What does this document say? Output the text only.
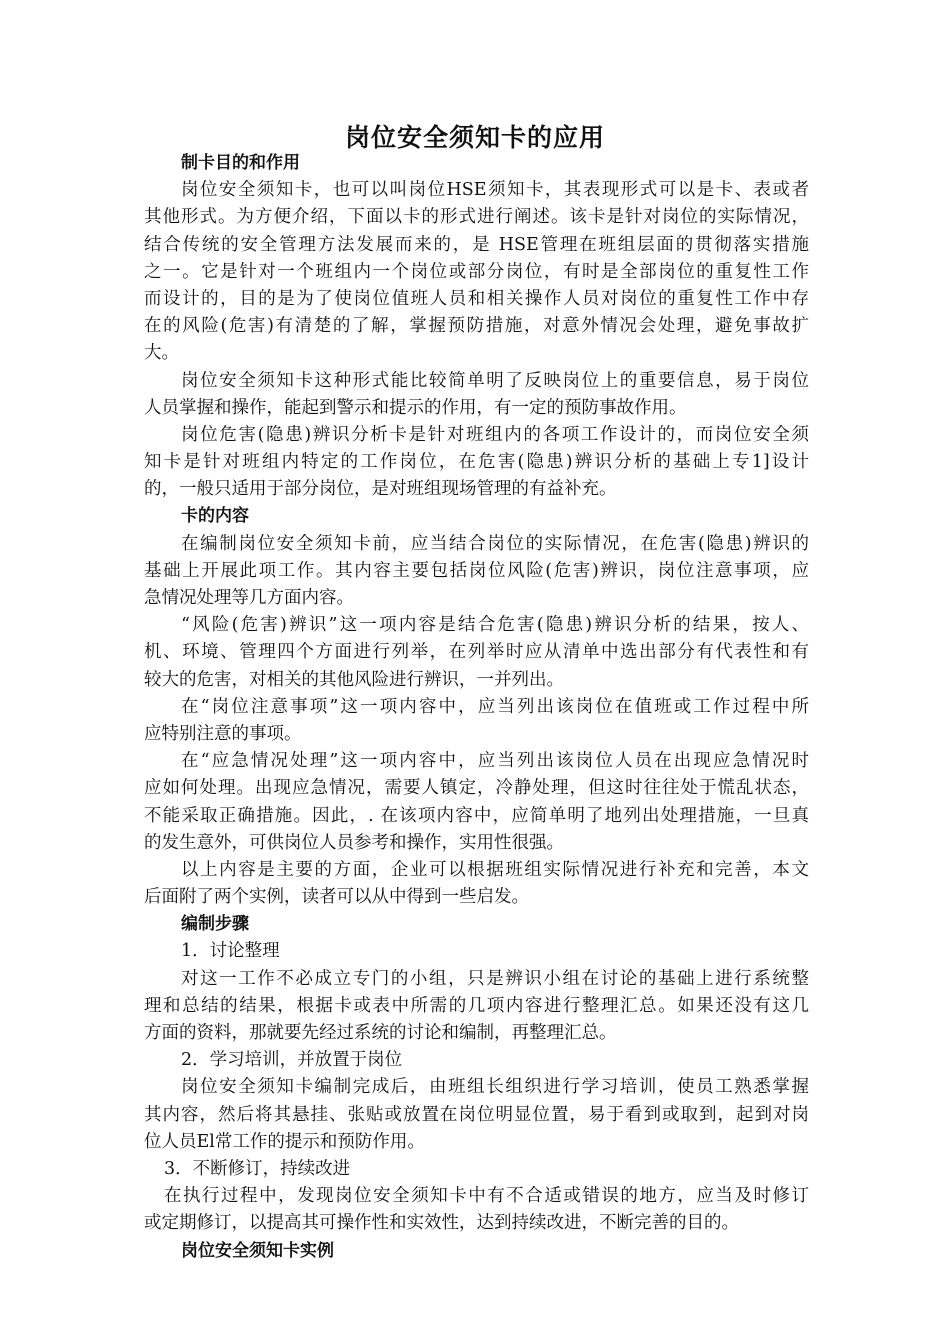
岗位安全须知卡的应用
制卡目的和作用
岗位安全须知卡，也可以叫岗位HSE须知卡，其表现形式可以是卡、表或者
其他形式。为方便介绍，下面以卡的形式进行阐述。该卡是针对岗位的实际情况，
结合传统的安全管理方法发展而来的，是 HSE管理在班组层面的贯彻落实措施
之一。它是针对一个班组内一个岗位或部分岗位，有时是全部岗位的重复性工作
而设计的，目的是为了使岗位值班人员和相关操作人员对岗位的重复性工作中存
在的风险(危害)有清楚的了解，掌握预防措施，对意外情况会处理，避免事故扩
大。
岗位安全须知卡这种形式能比较简单明了反映岗位上的重要信息，易于岗位
人员掌握和操作，能起到警示和提示的作用，有一定的预防事故作用。
岗位危害(隐患)辨识分析卡是针对班组内的各项工作设计的，而岗位安全须
知卡是针对班组内特定的工作岗位，在危害(隐患)辨识分析的基础上专1]设计
的，一般只适用于部分岗位，是对班组现场管理的有益补充。
卡的内容
在编制岗位安全须知卡前，应当结合岗位的实际情况，在危害(隐患)辨识的
基础上开展此项工作。其内容主要包括岗位风险(危害)辨识，岗位注意事项，应
急情况处理等几方面内容。
“风险(危害)辨识”这一项内容是结合危害(隐患)辨识分析的结果，按人、
机、环境、管理四个方面进行列举，在列举时应从清单中选出部分有代表性和有
较大的危害，对相关的其他风险进行辨识，一并列出。
在“岗位注意事项”这一项内容中，应当列出该岗位在值班或工作过程中所
应特别注意的事项。
在“应急情况处理”这一项内容中，应当列出该岗位人员在出现应急情况时
应如何处理。出现应急情况，需要人镇定，冷静处理，但这时往往处于慌乱状态，
不能采取正确措施。因此，. 在该项内容中，应简单明了地列出处理措施，一旦真
的发生意外，可供岗位人员参考和操作，实用性很强。
以上内容是主要的方面，企业可以根据班组实际情况进行补充和完善，本文
后面附了两个实例，读者可以从中得到一些启发。
编制步骤
1．讨论整理
对这一工作不必成立专门的小组，只是辨识小组在讨论的基础上进行系统整
理和总结的结果，根据卡或表中所需的几项内容进行整理汇总。如果还没有这几
方面的资料，那就要先经过系统的讨论和编制，再整理汇总。
2．学习培训，并放置于岗位
岗位安全须知卡编制完成后，由班组长组织进行学习培训，使员工熟悉掌握
其内容，然后将其悬挂、张贴或放置在岗位明显位置，易于看到或取到，起到对岗
位人员El常工作的提示和预防作用。
3．不断修订，持续改进
在执行过程中，发现岗位安全须知卡中有不合适或错误的地方，应当及时修订
或定期修订，以提高其可操作性和实效性，达到持续改进，不断完善的目的。
岗位安全须知卡实例
